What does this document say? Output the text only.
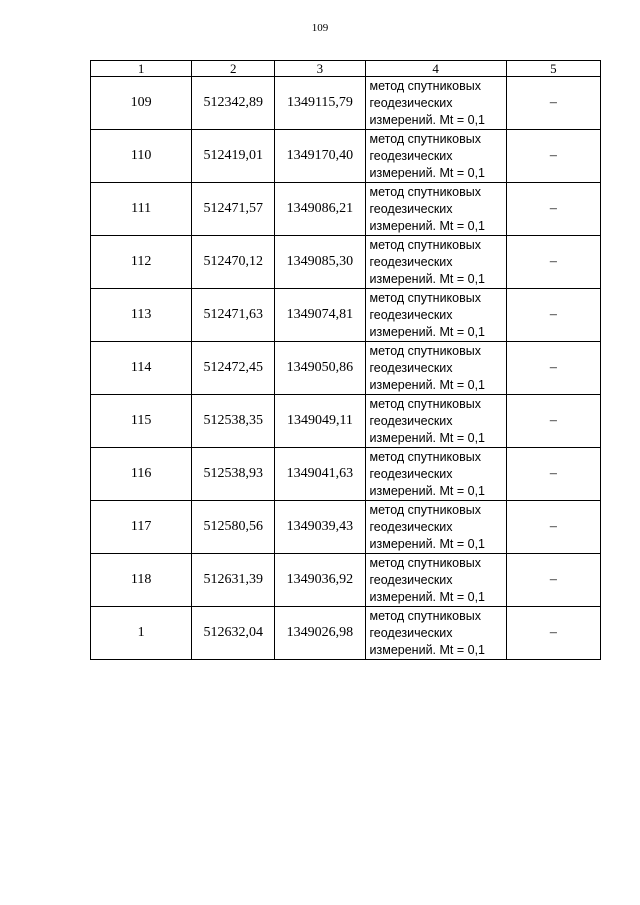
109
1	2	3	4	5
109	512342,89	1349115,79	метод спутниковых
геодезических
измерений. Mt = 0,1	–
110	512419,01	1349170,40	метод спутниковых
геодезических
измерений. Mt = 0,1	–
111	512471,57	1349086,21	метод спутниковых
геодезических
измерений. Mt = 0,1	–
112	512470,12	1349085,30	метод спутниковых
геодезических
измерений. Mt = 0,1	–
113	512471,63	1349074,81	метод спутниковых
геодезических
измерений. Mt = 0,1	–
114	512472,45	1349050,86	метод спутниковых
геодезических
измерений. Mt = 0,1	–
115	512538,35	1349049,11	метод спутниковых
геодезических
измерений. Mt = 0,1	–
116	512538,93	1349041,63	метод спутниковых
геодезических
измерений. Mt = 0,1	–
117	512580,56	1349039,43	метод спутниковых
геодезических
измерений. Mt = 0,1	–
118	512631,39	1349036,92	метод спутниковых
геодезических
измерений. Mt = 0,1	–
1	512632,04	1349026,98	метод спутниковых
геодезических
измерений. Mt = 0,1	–
